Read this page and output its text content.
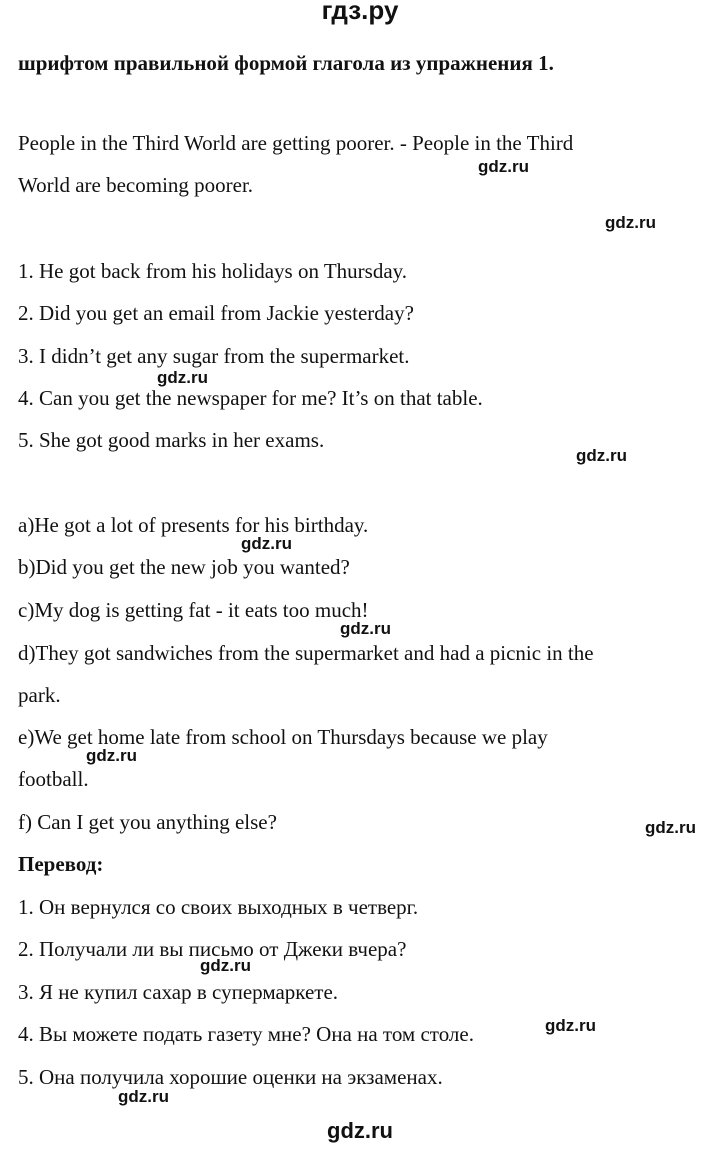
гдз.ру
шрифтом правильной формой глагола из упражнения 1.
People in the Third World are getting poorer. - People in the Third
World are becoming poorer.
1. He got back from his holidays on Thursday.
2. Did you get an email from Jackie yesterday?
3. I didn’t get any sugar from the supermarket.
4. Can you get the newspaper for me? It’s on that table.
5. She got good marks in her exams.
a)He got a lot of presents for his birthday.
b)Did you get the new job you wanted?
c)My dog is getting fat - it eats too much!
d)They got sandwiches from the supermarket and had a picnic in the
park.
e)We get home late from school on Thursdays because we play
football.
f) Can I get you anything else?
Перевод:
1. Он вернулся со своих выходных в четверг.
2. Получали ли вы письмо от Джеки вчера?
3. Я не купил сахар в супермаркете.
4. Вы можете подать газету мне? Она на том столе.
5. Она получила хорошие оценки на экзаменах.
gdz.ru
gdz.ru
gdz.ru
gdz.ru
gdz.ru
gdz.ru
gdz.ru
gdz.ru
gdz.ru
gdz.ru
gdz.ru
gdz.ru
